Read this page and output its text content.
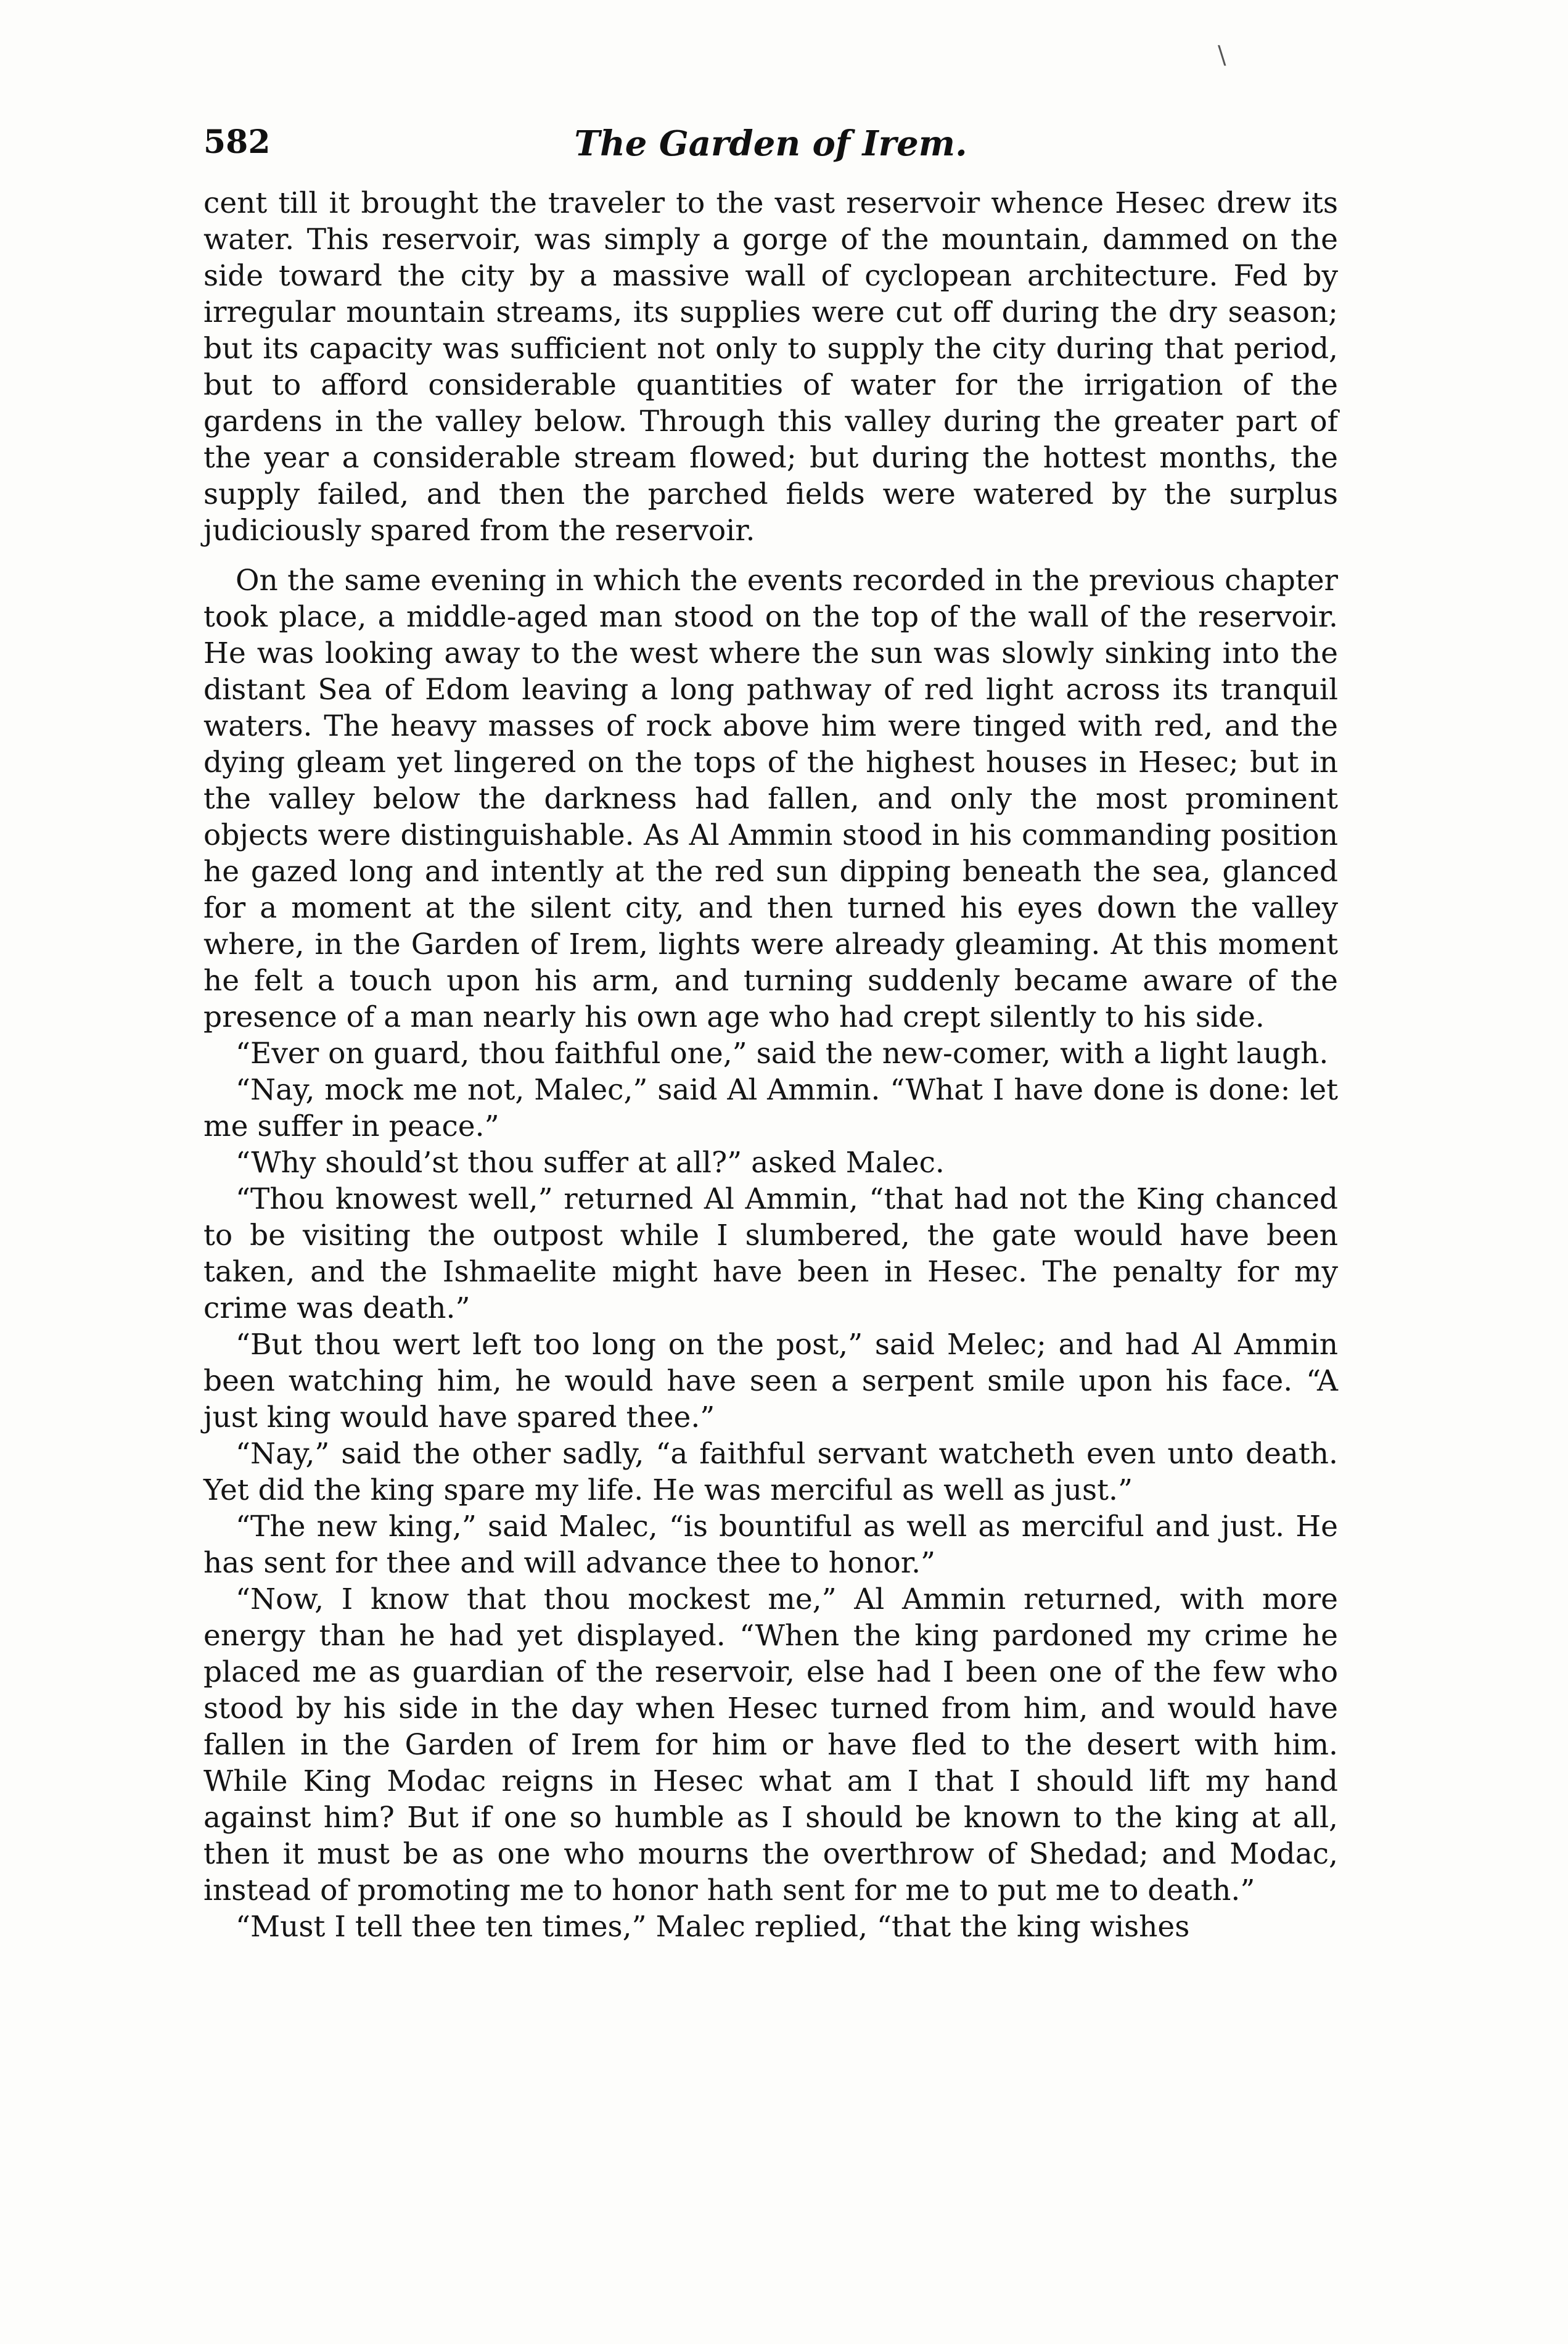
\
582	The Garden of Irem.

cent till it brought the traveler to the vast reservoir whence Hesec drew its water. This reservoir, was simply a gorge of the mountain, dammed on the side toward the city by a massive wall of cyclopean architecture. Fed by irregular mountain streams, its supplies were cut off during the dry season; but its capacity was sufficient not only to supply the city during that period, but to afford considerable quantities of water for the irrigation of the gardens in the valley below. Through this valley during the greater part of the year a considerable stream flowed; but during the hottest months, the supply failed, and then the parched fields were watered by the surplus judiciously spared from the reservoir.

On the same evening in which the events recorded in the previous chapter took place, a middle-aged man stood on the top of the wall of the reservoir. He was looking away to the west where the sun was slowly sinking into the distant Sea of Edom leaving a long pathway of red light across its tranquil waters. The heavy masses of rock above him were tinged with red, and the dying gleam yet lingered on the tops of the highest houses in Hesec; but in the valley below the darkness had fallen, and only the most prominent objects were distinguishable. As Al Ammin stood in his commanding position he gazed long and intently at the red sun dipping beneath the sea, glanced for a moment at the silent city, and then turned his eyes down the valley where, in the Garden of Irem, lights were already gleaming. At this moment he felt a touch upon his arm, and turning suddenly became aware of the presence of a man nearly his own age who had crept silently to his side.

“Ever on guard, thou faithful one,” said the new-comer, with a light laugh.

“Nay, mock me not, Malec,” said Al Ammin. “What I have done is done: let me suffer in peace.”

“Why should’st thou suffer at all?” asked Malec.

“Thou knowest well,” returned Al Ammin, “that had not the King chanced to be visiting the outpost while I slumbered, the gate would have been taken, and the Ishmaelite might have been in Hesec. The penalty for my crime was death.”

“But thou wert left too long on the post,” said Melec; and had Al Ammin been watching him, he would have seen a serpent smile upon his face. “A just king would have spared thee.”

“Nay,” said the other sadly, “a faithful servant watcheth even unto death. Yet did the king spare my life. He was merciful as well as just.”

“The new king,” said Malec, “is bountiful as well as merciful and just. He has sent for thee and will advance thee to honor.”

“Now, I know that thou mockest me,” Al Ammin returned, with more energy than he had yet displayed. “When the king pardoned my crime he placed me as guardian of the reservoir, else had I been one of the few who stood by his side in the day when Hesec turned from him, and would have fallen in the Garden of Irem for him or have fled to the desert with him. While King Modac reigns in Hesec what am I that I should lift my hand against him? But if one so humble as I should be known to the king at all, then it must be as one who mourns the overthrow of Shedad; and Modac, instead of promoting me to honor hath sent for me to put me to death.”

“Must I tell thee ten times,” Malec replied, “that the king wishes
